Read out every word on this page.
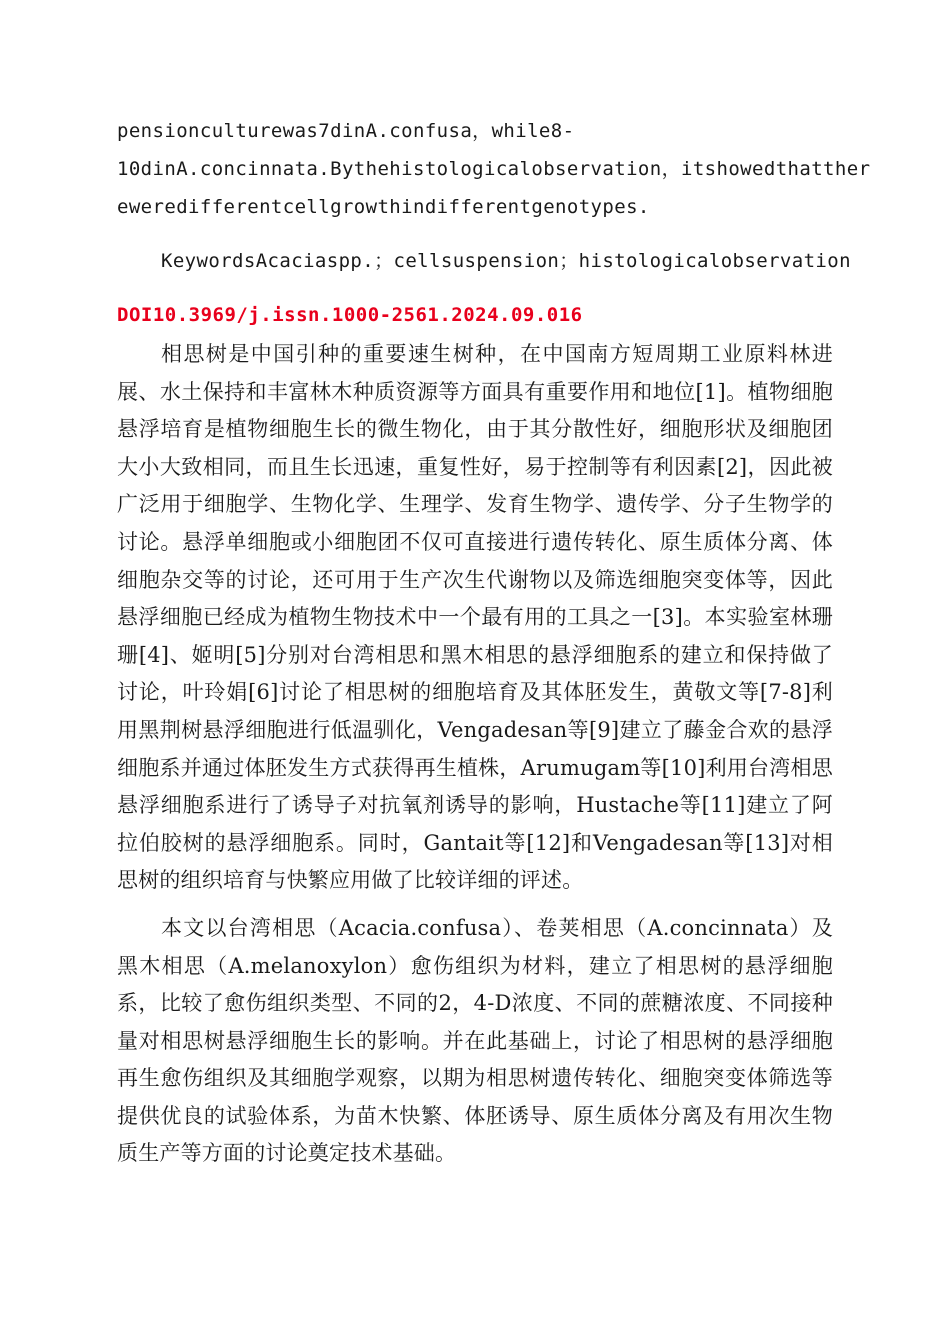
pensionculturewas7dinA.confusa，while8-
10dinA.concinnata.Bythehistologicalobservation，itshowedthatther
eweredifferentcellgrowthindifferentgenotypes.
KeywordsAcaciaspp.；cellsuspension；histologicalobservation
DOI10.3969/j.issn.1000-2561.2024.09.016

相思树是中国引种的重要速生树种，在中国南方短周期工业原料林进展、水土保持和丰富林木种质资源等方面具有重要作用和地位[1]。植物细胞悬浮培育是植物细胞生长的微生物化，由于其分散性好，细胞形状及细胞团大小大致相同，而且生长迅速，重复性好，易于控制等有利因素[2]，因此被广泛用于细胞学、生物化学、生理学、发育生物学、遗传学、分子生物学的讨论。悬浮单细胞或小细胞团不仅可直接进行遗传转化、原生质体分离、体细胞杂交等的讨论，还可用于生产次生代谢物以及筛选细胞突变体等，因此悬浮细胞已经成为植物生物技术中一个最有用的工具之一[3]。本实验室林珊珊[4]、姬明[5]分别对台湾相思和黑木相思的悬浮细胞系的建立和保持做了讨论，叶玲娟[6]讨论了相思树的细胞培育及其体胚发生，黄敬文等[7-8]利用黑荆树悬浮细胞进行低温驯化，Vengadesan等[9]建立了藤金合欢的悬浮细胞系并通过体胚发生方式获得再生植株，Arumugam等[10]利用台湾相思悬浮细胞系进行了诱导子对抗氧剂诱导的影响，Hustache等[11]建立了阿拉伯胶树的悬浮细胞系。同时，Gantait等[12]和Vengadesan等[13]对相思树的组织培育与快繁应用做了比较详细的评述。

本文以台湾相思（Acacia.confusa）、卷荚相思（A.concinnata）及黑木相思（A.melanoxylon）愈伤组织为材料，建立了相思树的悬浮细胞系，比较了愈伤组织类型、不同的2，4-D浓度、不同的蔗糖浓度、不同接种量对相思树悬浮细胞生长的影响。并在此基础上，讨论了相思树的悬浮细胞再生愈伤组织及其细胞学观察，以期为相思树遗传转化、细胞突变体筛选等提供优良的试验体系，为苗木快繁、体胚诱导、原生质体分离及有用次生物质生产等方面的讨论奠定技术基础。
